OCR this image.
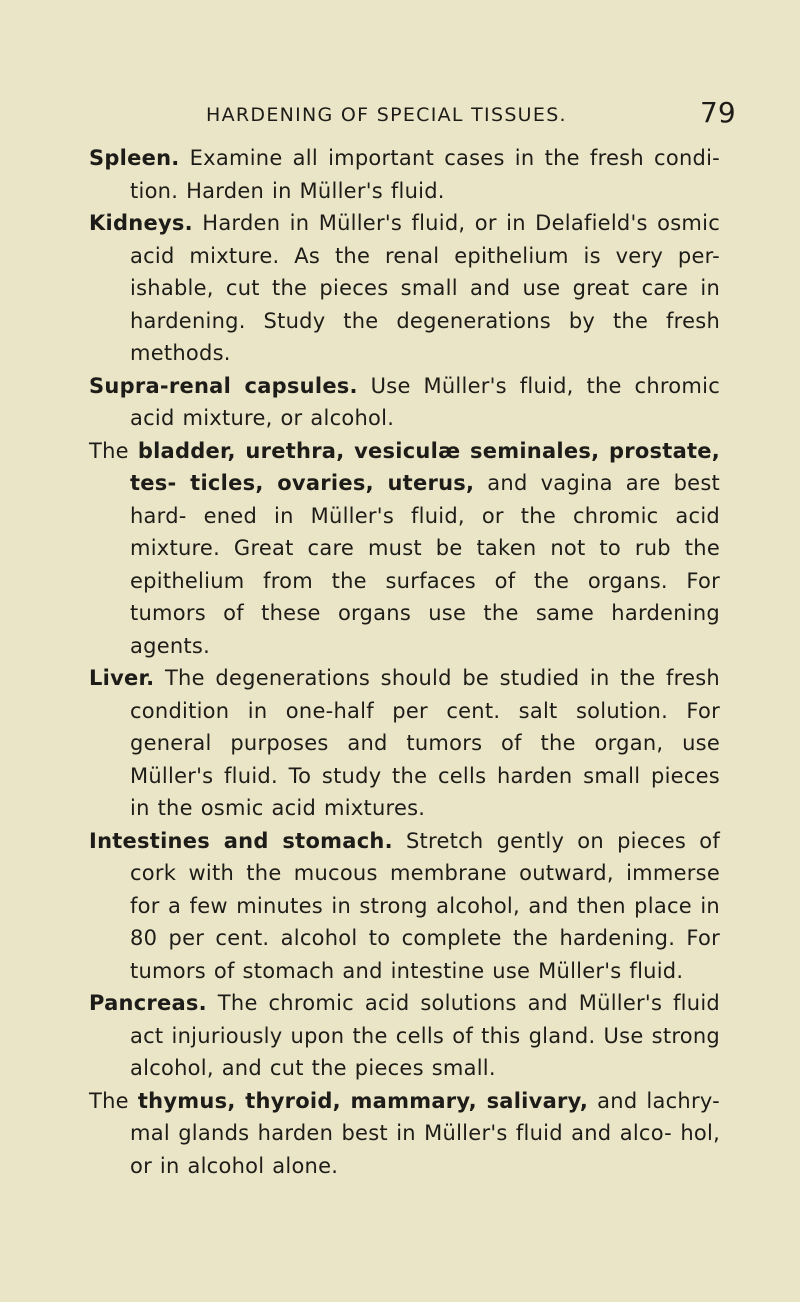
HARDENING OF SPECIAL TISSUES.	79

Spleen. Examine all important cases in the fresh condi- tion. Harden in Müller's fluid.

Kidneys. Harden in Müller's fluid, or in Delafield's osmic acid mixture. As the renal epithelium is very per- ishable, cut the pieces small and use great care in hardening. Study the degenerations by the fresh methods.

Supra-renal capsules. Use Müller's fluid, the chromic acid mixture, or alcohol.

The bladder, urethra, vesiculæ seminales, prostate, tes- ticles, ovaries, uterus, and vagina are best hard- ened in Müller's fluid, or the chromic acid mixture. Great care must be taken not to rub the epithelium from the surfaces of the organs. For tumors of these organs use the same hardening agents.

Liver. The degenerations should be studied in the fresh condition in one-half per cent. salt solution. For general purposes and tumors of the organ, use Müller's fluid. To study the cells harden small pieces in the osmic acid mixtures.

Intestines and stomach. Stretch gently on pieces of cork with the mucous membrane outward, immerse for a few minutes in strong alcohol, and then place in 80 per cent. alcohol to complete the hardening. For tumors of stomach and intestine use Müller's fluid.

Pancreas. The chromic acid solutions and Müller's fluid act injuriously upon the cells of this gland. Use strong alcohol, and cut the pieces small.

The thymus, thyroid, mammary, salivary, and lachry- mal glands harden best in Müller's fluid and alco- hol, or in alcohol alone.
